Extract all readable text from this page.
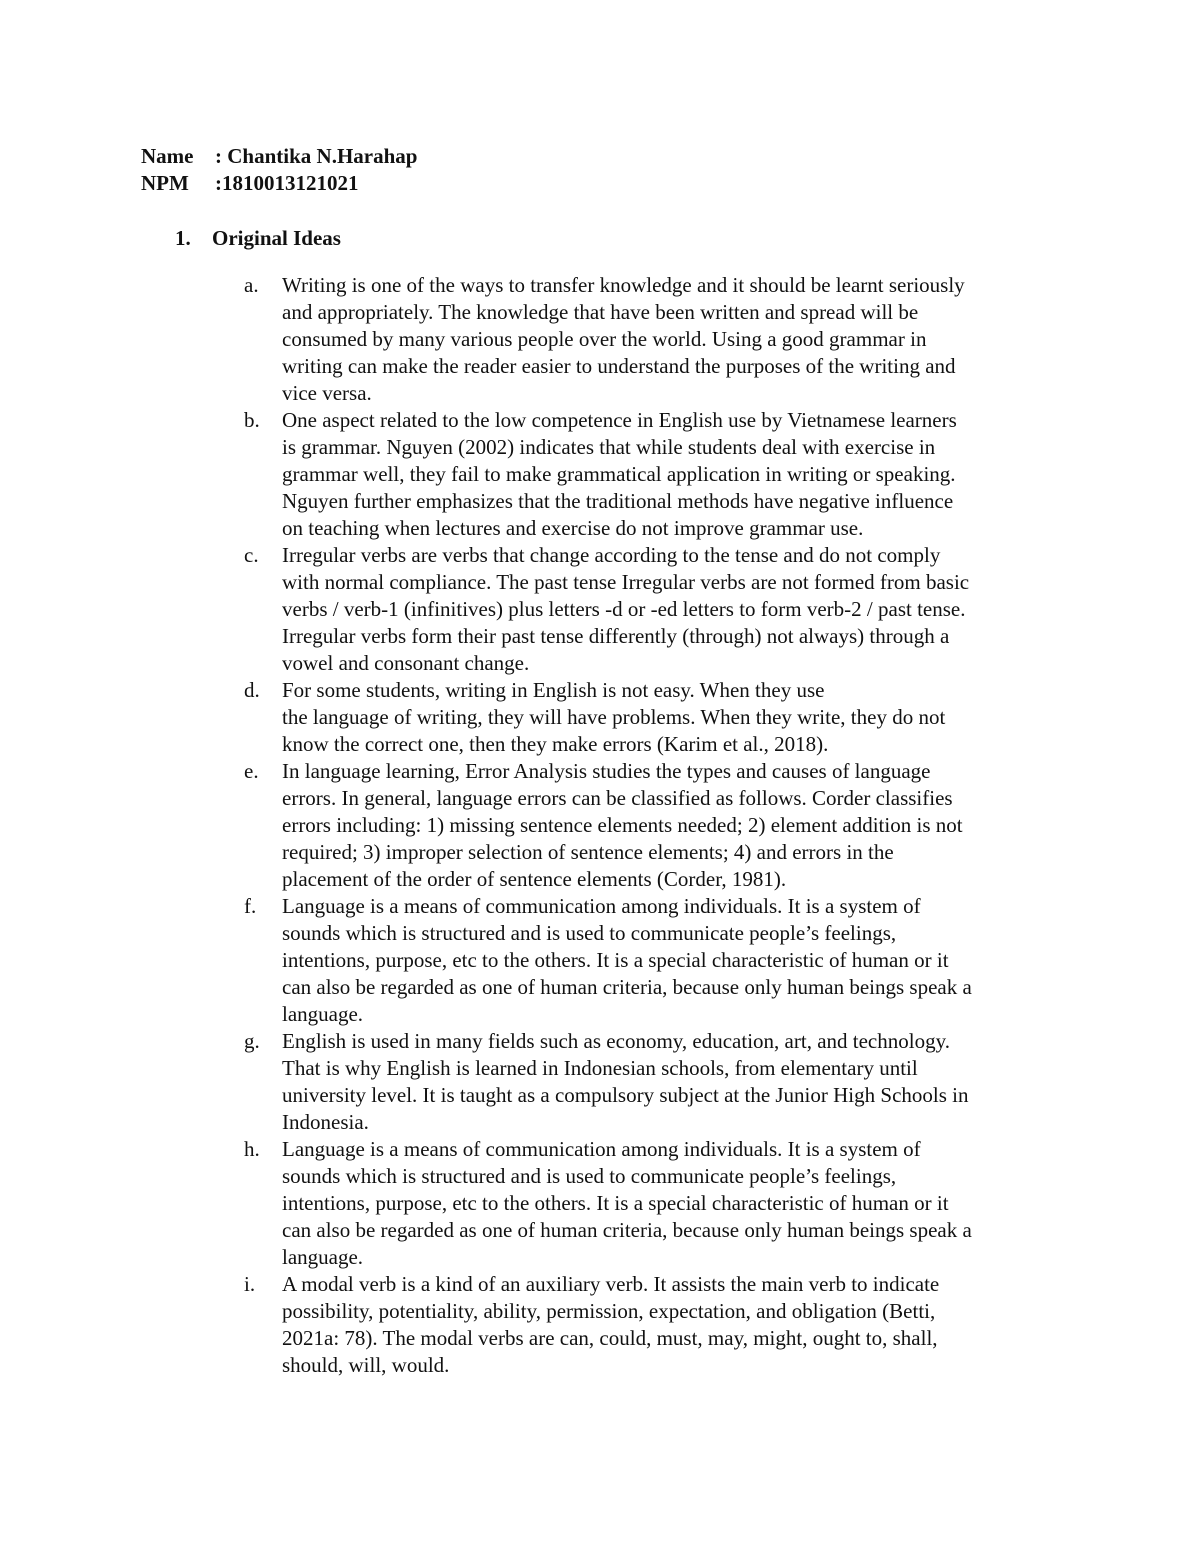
Name : Chantika N.Harahap
NPM :1810013121021
1. Original Ideas
a. Writing is one of the ways to transfer knowledge and it should be learnt seriously
and appropriately. The knowledge that have been written and spread will be
consumed by many various people over the world. Using a good grammar in
writing can make the reader easier to understand the purposes of the writing and
vice versa.
b. One aspect related to the low competence in English use by Vietnamese learners
is grammar. Nguyen (2002) indicates that while students deal with exercise in
grammar well, they fail to make grammatical application in writing or speaking.
Nguyen further emphasizes that the traditional methods have negative influence
on teaching when lectures and exercise do not improve grammar use.
c. Irregular verbs are verbs that change according to the tense and do not comply
with normal compliance. The past tense Irregular verbs are not formed from basic
verbs / verb-1 (infinitives) plus letters -d or -ed letters to form verb-2 / past tense.
Irregular verbs form their past tense differently (through) not always) through a
vowel and consonant change.
d. For some students, writing in English is not easy. When they use
the language of writing, they will have problems. When they write, they do not
know the correct one, then they make errors (Karim et al., 2018).
e. In language learning, Error Analysis studies the types and causes of language
errors. In general, language errors can be classified as follows. Corder classifies
errors including: 1) missing sentence elements needed; 2) element addition is not
required; 3) improper selection of sentence elements; 4) and errors in the
placement of the order of sentence elements (Corder, 1981).
f. Language is a means of communication among individuals. It is a system of
sounds which is structured and is used to communicate people’s feelings,
intentions, purpose, etc to the others. It is a special characteristic of human or it
can also be regarded as one of human criteria, because only human beings speak a
language.
g. English is used in many fields such as economy, education, art, and technology.
That is why English is learned in Indonesian schools, from elementary until
university level. It is taught as a compulsory subject at the Junior High Schools in
Indonesia.
h. Language is a means of communication among individuals. It is a system of
sounds which is structured and is used to communicate people’s feelings,
intentions, purpose, etc to the others. It is a special characteristic of human or it
can also be regarded as one of human criteria, because only human beings speak a
language.
i. A modal verb is a kind of an auxiliary verb. It assists the main verb to indicate
possibility, potentiality, ability, permission, expectation, and obligation (Betti,
2021a: 78). The modal verbs are can, could, must, may, might, ought to, shall,
should, will, would.
